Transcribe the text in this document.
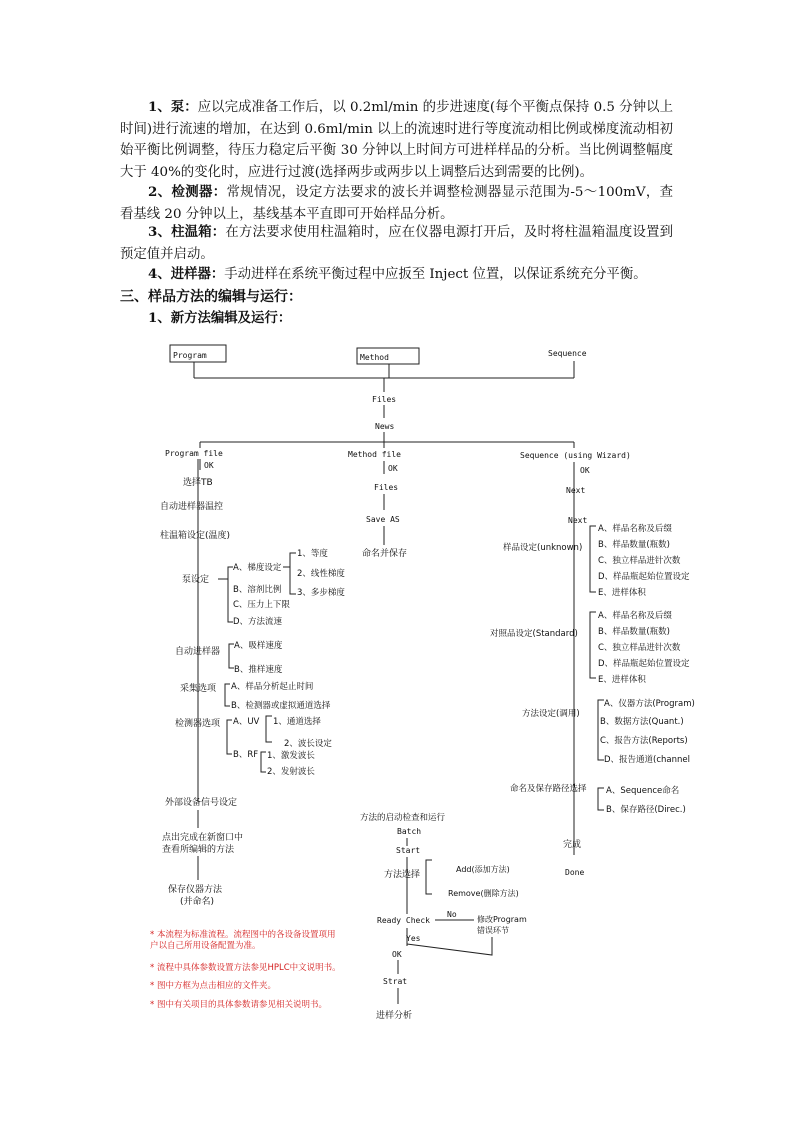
1、泵：应以完成准备工作后，以 0.2ml/min 的步进速度(每个平衡点保持 0.5 分钟以上时间)进行流速的增加，在达到 0.6ml/min 以上的流速时进行等度流动相比例或梯度流动相初始平衡比例调整，待压力稳定后平衡 30 分钟以上时间方可进样样品的分析。当比例调整幅度大于 40%的变化时，应进行过渡(选择两步或两步以上调整后达到需要的比例)。

2、检测器：常规情况，设定方法要求的波长并调整检测器显示范围为-5～100mV，查看基线 20 分钟以上，基线基本平直即可开始样品分析。

3、柱温箱：在方法要求使用柱温箱时，应在仪器电源打开后，及时将柱温箱温度设置到预定值并启动。

4、进样器：手动进样在系统平衡过程中应扳至 Inject 位置，以保证系统充分平衡。

三、样品方法的编辑与运行：

1、新方法编辑及运行：

Program	Method	Sequence
Files
News
Program file
OK
选择TB
自动进样器温控
柱温箱设定(温度)
泵设定
A、梯度设定
B、溶剂比例
C、压力上下限
D、方法流速
1、等度
2、线性梯度
3、多步梯度
自动进样器
A、吸样速度
B、推样速度
采集选项 A、样品分析起止时间
B、检测器或虚拟通道选择
检测器选项 A、UV 1、通道选择
2、波长设定
B、RF 1、激发波长
2、发射波长
外部设备信号设定
点出完成在新窗口中
查看所编辑的方法
保存仪器方法
(并命名)
Method file
OK
Files
Save AS
命名并保存
Sequence (using Wizard)
OK
Next
Next
样品设定(unknown)
A、样品名称及后缀
B、样品数量(瓶数)
C、独立样品进针次数
D、样品瓶起始位置设定
E、进样体积
对照品设定(Standard)
A、样品名称及后缀
B、样品数量(瓶数)
C、独立样品进针次数
D、样品瓶起始位置设定
E、进样体积
方法设定(调用)
A、仪器方法(Program)
B、数据方法(Quant.)
C、报告方法(Reports)
D、报告通道(channel
命名及保存路径选择 A、Sequence命名
B、保存路径(Direc.)
完成
Done
方法的启动检查和运行
Batch
Start
方法选择
Add(添加方法)
Remove(删除方法)
Ready Check
No
修改Program
错误环节
Yes
OK
Strat
进样分析
* 本流程为标准流程。流程图中的各设备设置项用
户以自己所用设备配置为准。
* 流程中具体参数设置方法参见HPLC中文说明书。
* 图中方框为点击相应的文件夹。
* 图中有关项目的具体参数请参见相关说明书。
